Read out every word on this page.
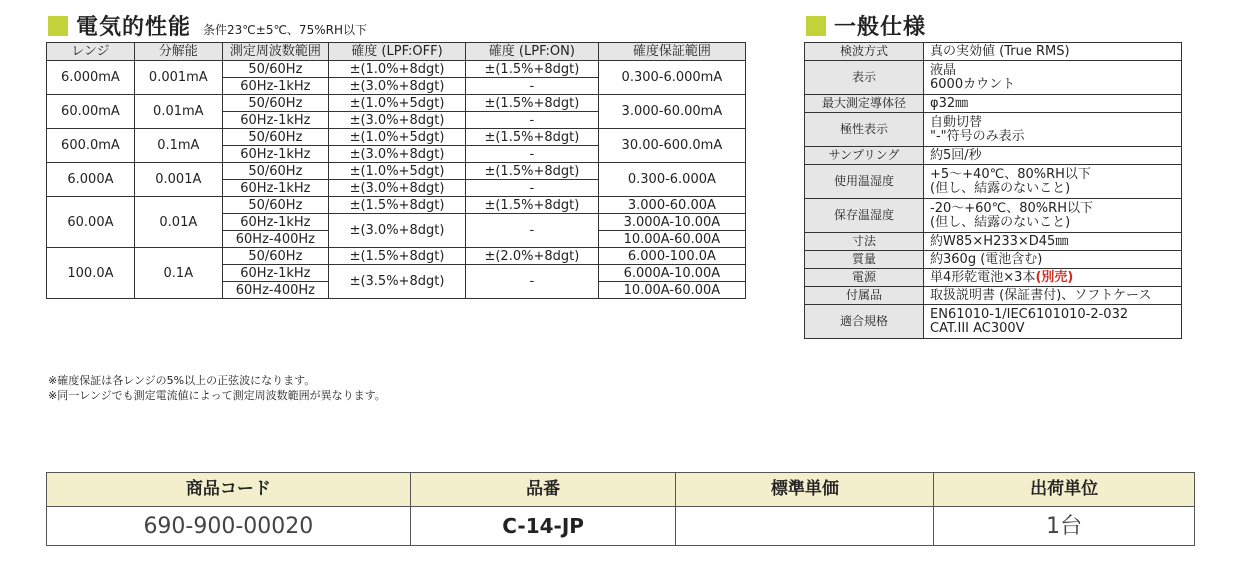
電気的性能 条件23℃±5℃、75%RH以下
レンジ	分解能	測定周波数範囲	確度 (LPF:OFF)	確度 (LPF:ON)	確度保証範囲
6.000mA	0.001mA	50/60Hz	±(1.0%+8dgt)	±(1.5%+8dgt)	0.300-6.000mA
		60Hz-1kHz	±(3.0%+8dgt)	-	
60.00mA	0.01mA	50/60Hz	±(1.0%+5dgt)	±(1.5%+8dgt)	3.000-60.00mA
		60Hz-1kHz	±(3.0%+8dgt)	-	
600.0mA	0.1mA	50/60Hz	±(1.0%+5dgt)	±(1.5%+8dgt)	30.00-600.0mA
		60Hz-1kHz	±(3.0%+8dgt)	-	
6.000A	0.001A	50/60Hz	±(1.0%+5dgt)	±(1.5%+8dgt)	0.300-6.000A
		60Hz-1kHz	±(3.0%+8dgt)	-	
60.00A	0.01A	50/60Hz	±(1.5%+8dgt)	±(1.5%+8dgt)	3.000-60.00A
		60Hz-1kHz	±(3.0%+8dgt)	-	3.000A-10.00A
		60Hz-400Hz			10.00A-60.00A
100.0A	0.1A	50/60Hz	±(1.5%+8dgt)	±(2.0%+8dgt)	6.000-100.0A
		60Hz-1kHz	±(3.5%+8dgt)	-	6.000A-10.00A
		60Hz-400Hz			10.00A-60.00A
※確度保証は各レンジの5%以上の正弦波になります。
※同一レンジでも測定電流値によって測定周波数範囲が異なります。
一般仕様
検波方式	真の実効値 (True RMS)
表示	液晶
6000カウント

最大測定導体径	φ32㎜
極性表示	自動切替
"-"符号のみ表示

サンプリング	約5回/秒
使用温湿度	+5～+40℃、80%RH以下
(但し、結露のないこと)

保存温湿度	-20～+60℃、80%RH以下
(但し、結露のないこと)

寸法	約W85×H233×D45㎜
質量	約360g (電池含む)
電源	単4形乾電池×3本(別売)
付属品	取扱説明書 (保証書付)、ソフトケース
適合規格	EN61010-1/IEC6101010-2-032
CAT.III AC300V
商品コード	品番	標準単価	出荷単位
690-900-00020	C-14-JP		1台
